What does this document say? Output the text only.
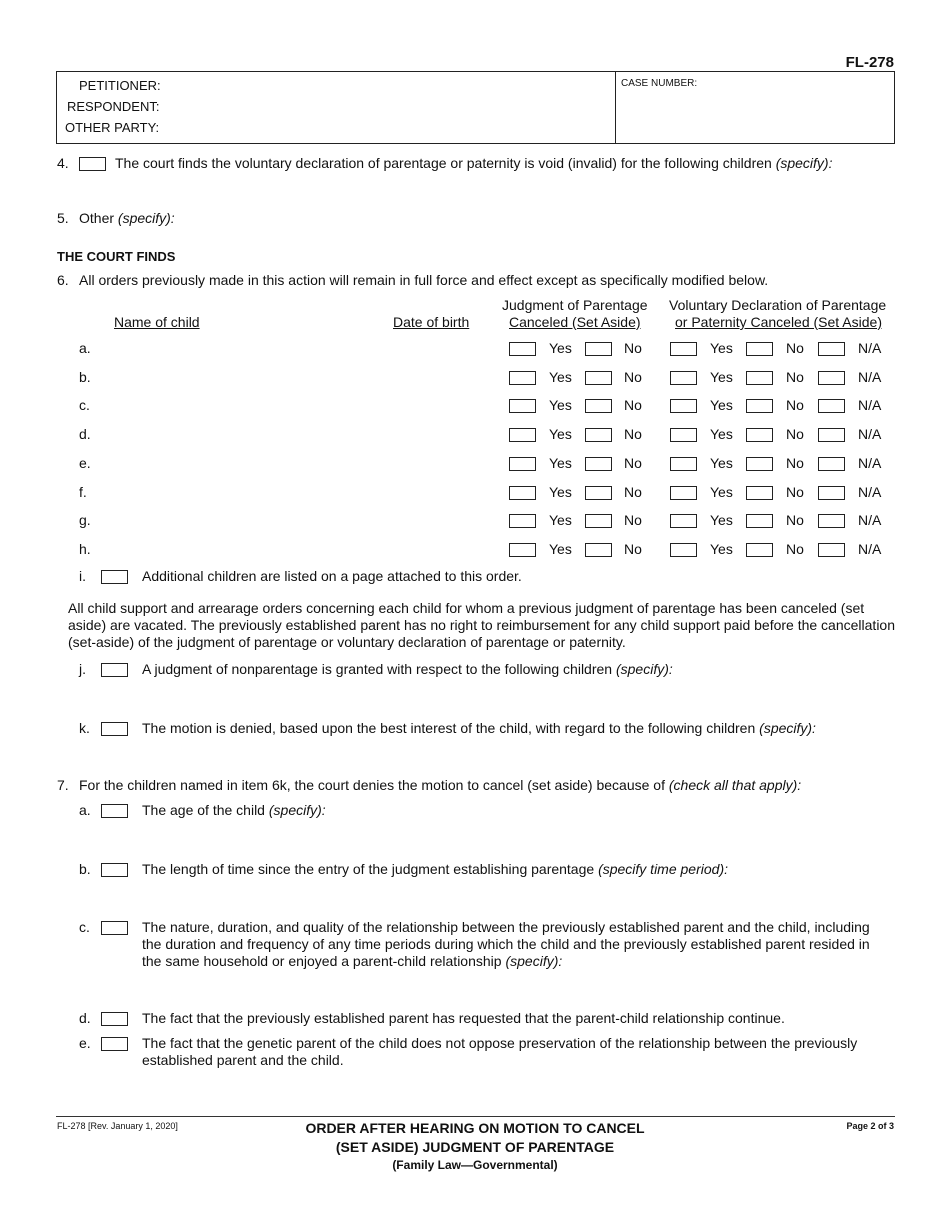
FL-278
PETITIONER:
RESPONDENT:
OTHER PARTY:
CASE NUMBER:
4.	The court finds the voluntary declaration of parentage or paternity is void (invalid) for the following children (specify):
5. Other (specify):
THE COURT FINDS
6. All orders previously made in this action will remain in full force and effect except as specifically modified below.
Name of child	Date of birth
Judgment of Parentage
Canceled (Set Aside)
Voluntary Declaration of Parentage
or Paternity Canceled (Set Aside)
a.	Yes	No	Yes	No	N/A
b.	Yes	No	Yes	No	N/A
c.	Yes	No	Yes	No	N/A
d.	Yes	No	Yes	No	N/A
e.	Yes	No	Yes	No	N/A
f.	Yes	No	Yes	No	N/A
g.	Yes	No	Yes	No	N/A
h.	Yes	No	Yes	No	N/A
i.	Additional children are listed on a page attached to this order.
All child support and arrearage orders concerning each child for whom a previous judgment of parentage has been canceled (set aside) are vacated. The previously established parent has no right to reimbursement for any child support paid before the cancellation (set-aside) of the judgment of parentage or voluntary declaration of parentage or paternity.
j.	A judgment of nonparentage is granted with respect to the following children (specify):
k.	The motion is denied, based upon the best interest of the child, with regard to the following children (specify):
7. For the children named in item 6k, the court denies the motion to cancel (set aside) because of (check all that apply):
a.	The age of the child (specify):
b.	The length of time since the entry of the judgment establishing parentage (specify time period):
c.	The nature, duration, and quality of the relationship between the previously established parent and the child, including the duration and frequency of any time periods during which the child and the previously established parent resided in the same household or enjoyed a parent-child relationship (specify):
d.	The fact that the previously established parent has requested that the parent-child relationship continue.
e.	The fact that the genetic parent of the child does not oppose preservation of the relationship between the previously established parent and the child.
FL-278 [Rev. January 1, 2020]	Page 2 of 3
ORDER AFTER HEARING ON MOTION TO CANCEL
(SET ASIDE) JUDGMENT OF PARENTAGE
(Family Law—Governmental)
